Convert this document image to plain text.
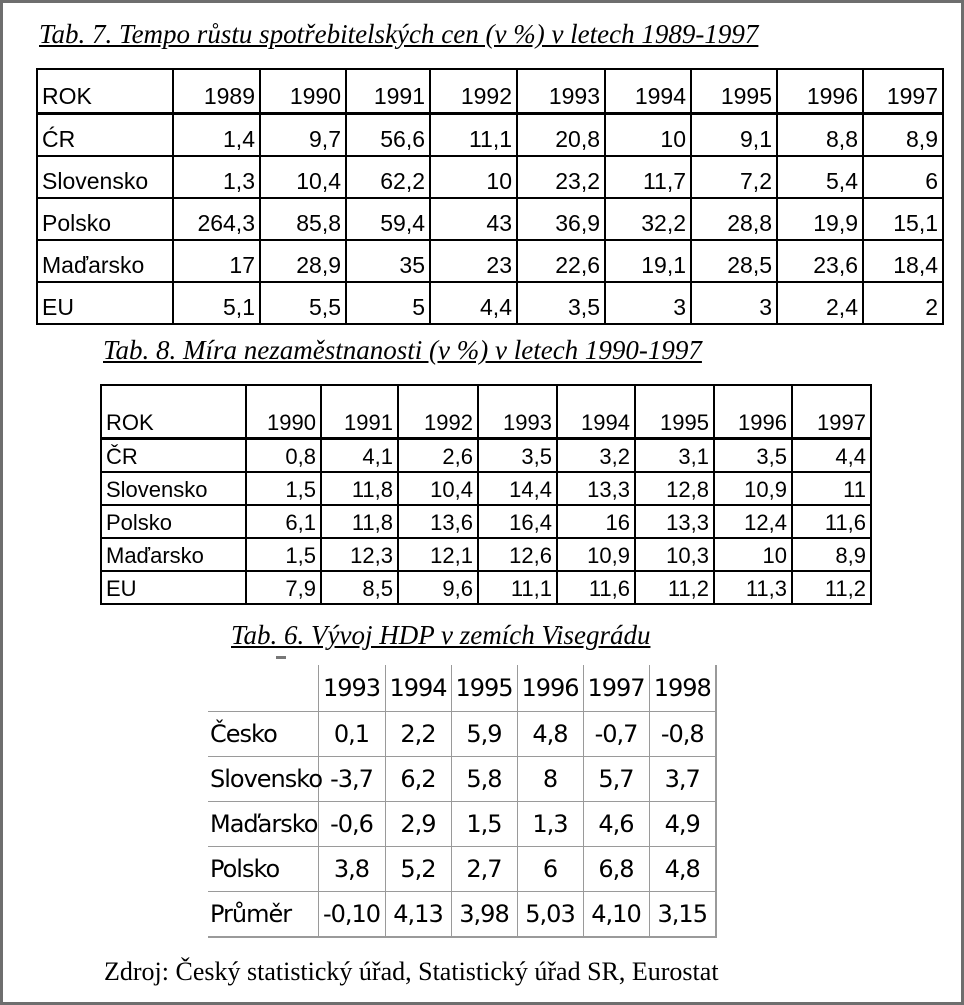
Tab. 7. Tempo růstu spotřebitelských cen (v %) v letech 1989-1997
ROK	1989	1990	1991	1992	1993	1994	1995	1996	1997
ĆR	1,4	9,7	56,6	11,1	20,8	10	9,1	8,8	8,9
Slovensko	1,3	10,4	62,2	10	23,2	11,7	7,2	5,4	6
Polsko	264,3	85,8	59,4	43	36,9	32,2	28,8	19,9	15,1
Maďarsko	17	28,9	35	23	22,6	19,1	28,5	23,6	18,4
EU	5,1	5,5	5	4,4	3,5	3	3	2,4	2
Tab. 8. Míra nezaměstnanosti (v %) v letech 1990-1997
ROK	1990	1991	1992	1993	1994	1995	1996	1997
ČR	0,8	4,1	2,6	3,5	3,2	3,1	3,5	4,4
Slovensko	1,5	11,8	10,4	14,4	13,3	12,8	10,9	11
Polsko	6,1	11,8	13,6	16,4	16	13,3	12,4	11,6
Maďarsko	1,5	12,3	12,1	12,6	10,9	10,3	10	8,9
EU	7,9	8,5	9,6	11,1	11,6	11,2	11,3	11,2
Tab. 6. Vývoj HDP v zemích Visegrádu
	1993	1994	1995	1996	1997	1998
Česko	0,1	2,2	5,9	4,8	-0,7	-0,8
Slovensko	-3,7	6,2	5,8	8	5,7	3,7
Maďarsko	-0,6	2,9	1,5	1,3	4,6	4,9
Polsko	3,8	5,2	2,7	6	6,8	4,8
Průměr	-0,10	4,13	3,98	5,03	4,10	3,15
Zdroj: Český statistický úřad, Statistický úřad SR, Eurostat
